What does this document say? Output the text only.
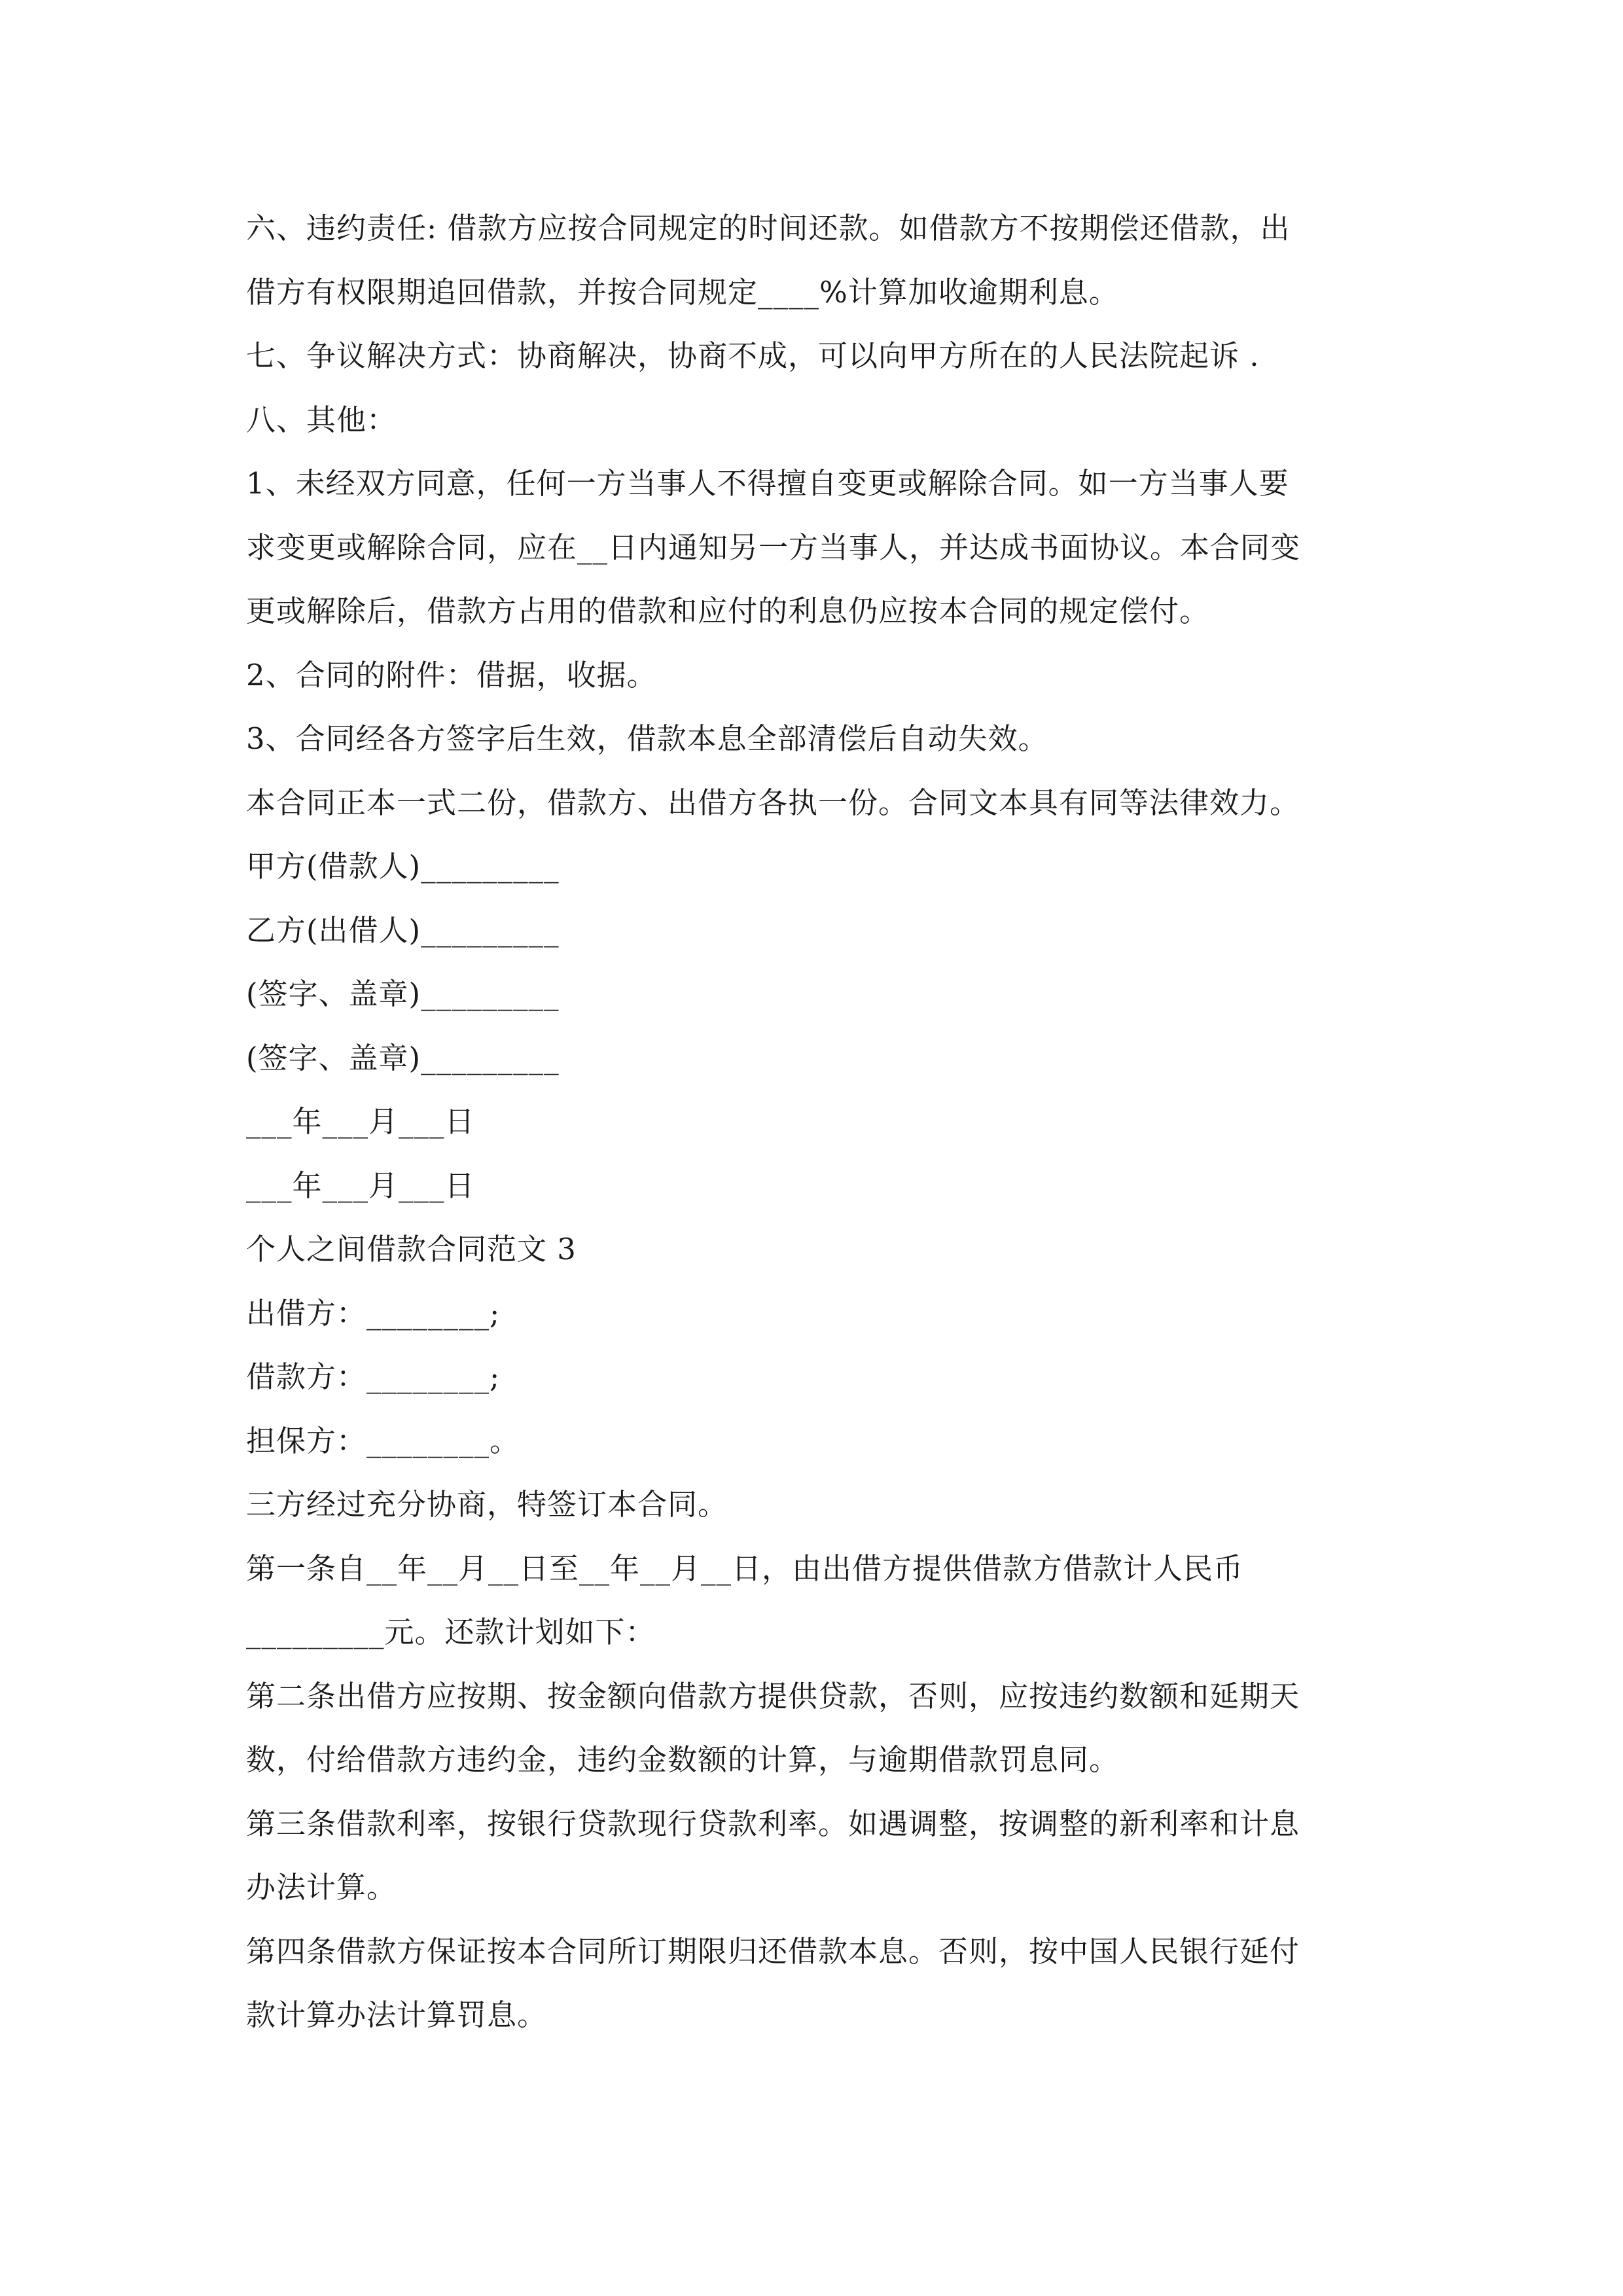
六、违约责任: 借款方应按合同规定的时间还款。如借款方不按期偿还借款，出
借方有权限期追回借款，并按合同规定____%计算加收逾期利息。
七、争议解决方式：协商解决，协商不成，可以向甲方所在的人民法院起诉 .
八、其他：
1、未经双方同意，任何一方当事人不得擅自变更或解除合同。如一方当事人要
求变更或解除合同，应在__日内通知另一方当事人，并达成书面协议。本合同变
更或解除后，借款方占用的借款和应付的利息仍应按本合同的规定偿付。
2、合同的附件：借据，收据。
3、合同经各方签字后生效，借款本息全部清偿后自动失效。
本合同正本一式二份，借款方、出借方各执一份。合同文本具有同等法律效力。
甲方(借款人)_________
乙方(出借人)_________
(签字、盖章)_________
(签字、盖章)_________
___年___月___日
___年___月___日
个人之间借款合同范文 3
出借方：________;
借款方：________;
担保方：________。
三方经过充分协商，特签订本合同。
第一条自__年__月__日至__年__月__日，由出借方提供借款方借款计人民币
_________元。还款计划如下：
第二条出借方应按期、按金额向借款方提供贷款，否则，应按违约数额和延期天
数，付给借款方违约金，违约金数额的计算，与逾期借款罚息同。
第三条借款利率，按银行贷款现行贷款利率。如遇调整，按调整的新利率和计息
办法计算。
第四条借款方保证按本合同所订期限归还借款本息。否则，按中国人民银行延付
款计算办法计算罚息。
